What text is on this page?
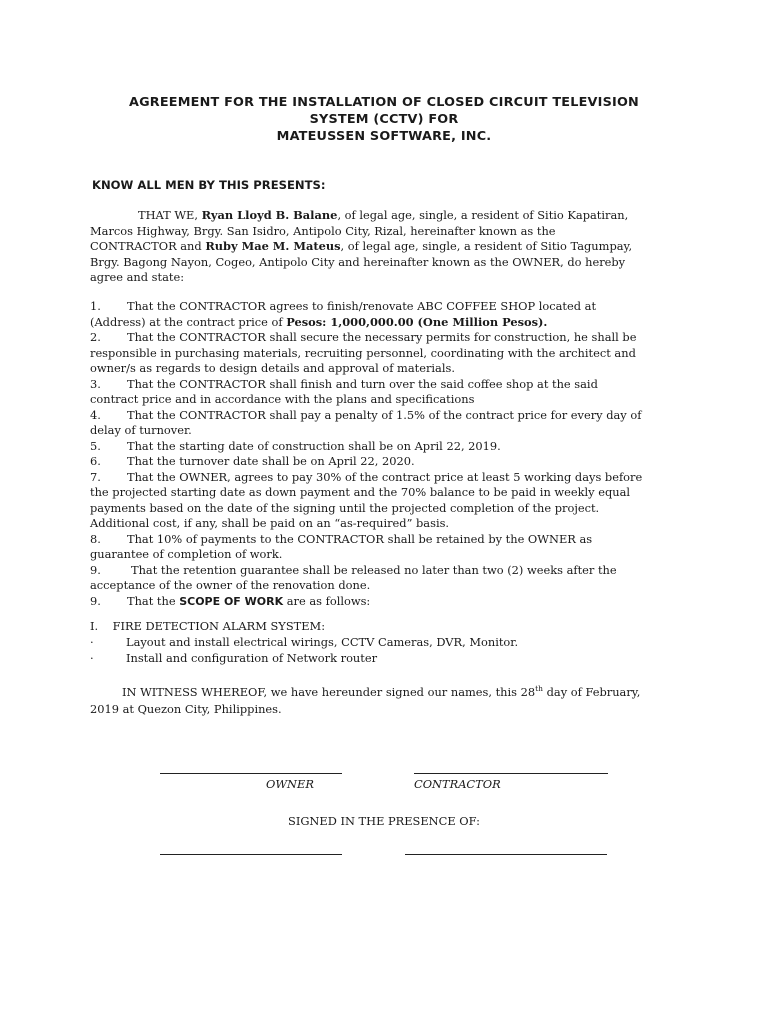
AGREEMENT FOR THE INSTALLATION OF CLOSED CIRCUIT TELEVISION
SYSTEM (CCTV) FOR
MATEUSSEN SOFTWARE, INC.
KNOW ALL MEN BY THIS PRESENTS:
THAT WE, Ryan Lloyd B. Balane, of legal age, single, a resident of Sitio Kapatiran,
Marcos Highway, Brgy. San Isidro, Antipolo City, Rizal, hereinafter known as the
CONTRACTOR and Ruby Mae M. Mateus, of legal age, single, a resident of Sitio Tagumpay,
Brgy. Bagong Nayon, Cogeo, Antipolo City and hereinafter known as the OWNER, do hereby
agree and state:
1. That the CONTRACTOR agrees to finish/renovate ABC COFFEE SHOP located at
(Address) at the contract price of Pesos: 1,000,000.00 (One Million Pesos).
2. That the CONTRACTOR shall secure the necessary permits for construction, he shall be
responsible in purchasing materials, recruiting personnel, coordinating with the architect and
owner/s as regards to design details and approval of materials.
3. That the CONTRACTOR shall finish and turn over the said coffee shop at the said
contract price and in accordance with the plans and specifications
4. That the CONTRACTOR shall pay a penalty of 1.5% of the contract price for every day of
delay of turnover.
5. That the starting date of construction shall be on April 22, 2019.
6. That the turnover date shall be on April 22, 2020.
7. That the OWNER, agrees to pay 30% of the contract price at least 5 working days before
the projected starting date as down payment and the 70% balance to be paid in weekly equal
payments based on the date of the signing until the projected completion of the project.
Additional cost, if any, shall be paid on an “as-required” basis.
8. That 10% of payments to the CONTRACTOR shall be retained by the OWNER as
guarantee of completion of work.
9.	That the retention guarantee shall be released no later than two (2) weeks after the
acceptance of the owner of the renovation done.
9. That the SCOPE OF WORK are as follows:
I.    FIRE DETECTION ALARM SYSTEM:
·	Layout and install electrical wirings, CCTV Cameras, DVR, Monitor.
·	Install and configuration of Network router
IN WITNESS WHEREOF, we have hereunder signed our names, this 28th day of February,
2019 at Quezon City, Philippines.
OWNER	CONTRACTOR
SIGNED IN THE PRESENCE OF:
